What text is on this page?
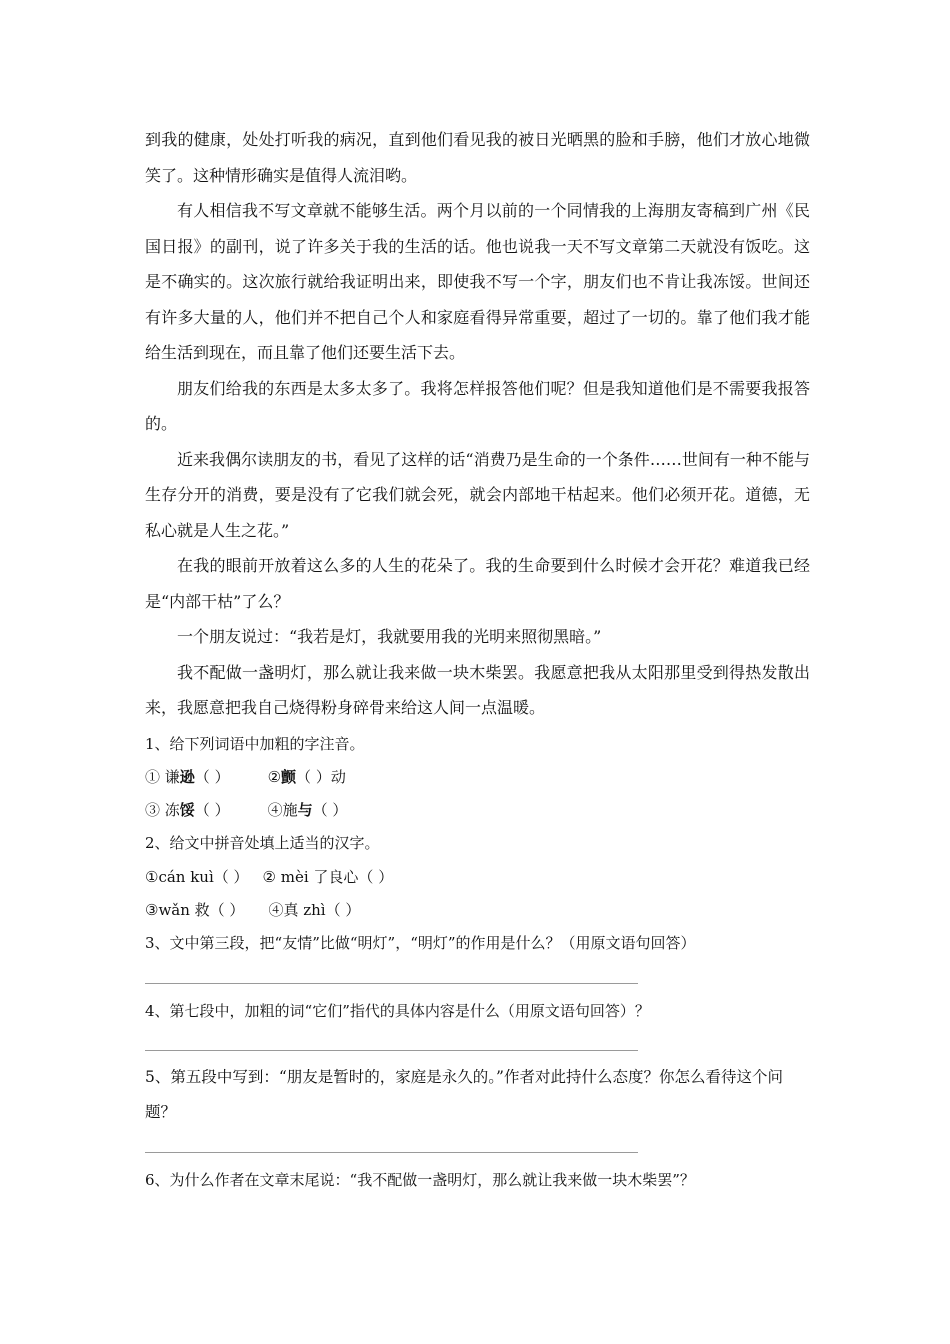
到我的健康，处处打听我的病况，直到他们看见我的被日光晒黑的脸和手膀，他们才放心地微笑了。这种情形确实是值得人流泪哟。

有人相信我不写文章就不能够生活。两个月以前的一个同情我的上海朋友寄稿到广州《民国日报》的副刊，说了许多关于我的生活的话。他也说我一天不写文章第二天就没有饭吃。这是不确实的。这次旅行就给我证明出来，即使我不写一个字，朋友们也不肯让我冻馁。世间还有许多大量的人，他们并不把自己个人和家庭看得异常重要，超过了一切的。靠了他们我才能给生活到现在，而且靠了他们还要生活下去。

朋友们给我的东西是太多太多了。我将怎样报答他们呢？但是我知道他们是不需要我报答的。

近来我偶尔读朋友的书，看见了这样的话“消费乃是生命的一个条件……世间有一种不能与生存分开的消费，要是没有了它我们就会死，就会内部地干枯起来。他们必须开花。道德，无私心就是人生之花。”

在我的眼前开放着这么多的人生的花朵了。我的生命要到什么时候才会开花？难道我已经是“内部干枯”了么？

一个朋友说过：“我若是灯，我就要用我的光明来照彻黑暗。”

我不配做一盏明灯，那么就让我来做一块木柴罢。我愿意把我从太阳那里受到得热发散出来，我愿意把我自己烧得粉身碎骨来给这人间一点温暖。

1、给下列词语中加粗的字注音。
① 谦逊（ ）	②颤（ ）动
③ 冻馁（ ）	④施与（ ）
2、给文中拼音处填上适当的汉字。
①cán kuì（ ） ② mèi 了良心（ ）
③wǎn 救（ ） ④真 zhì（ ）
3、文中第三段，把“友情”比做“明灯”，“明灯”的作用是什么？（用原文语句回答）
4、第七段中，加粗的词“它们”指代的具体内容是什么（用原文语句回答）？

5、第五段中写到：“朋友是暂时的，家庭是永久的。”作者对此持什么态度？你怎么看待这个问题？

6、为什么作者在文章末尾说：“我不配做一盏明灯，那么就让我来做一块木柴罢”？
